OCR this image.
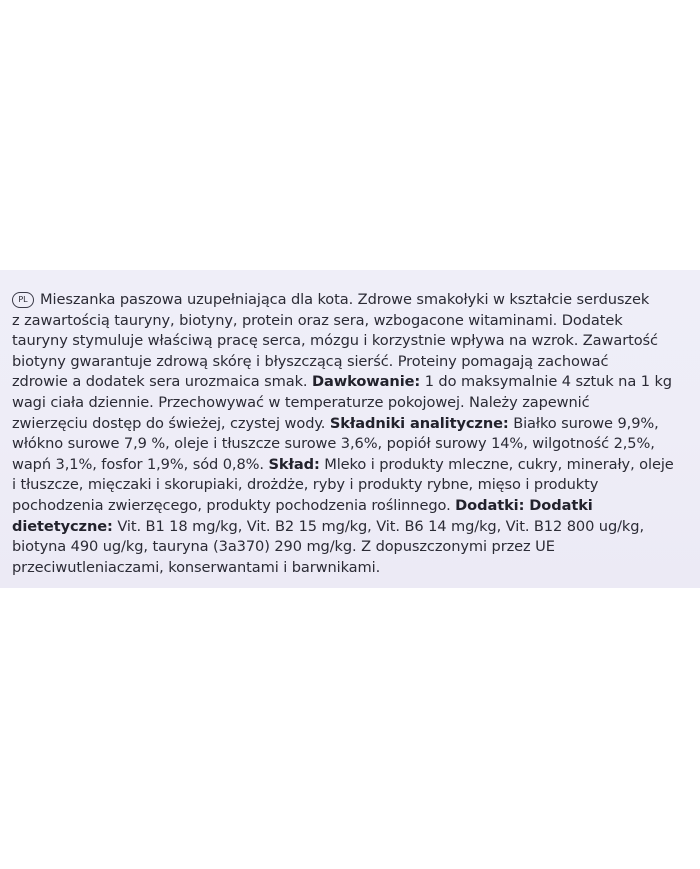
PL Mieszanka paszowa uzupełniająca dla kota. Zdrowe smakołyki w kształcie serduszek
z zawartością tauryny, biotyny, protein oraz sera, wzbogacone witaminami. Dodatek
tauryny stymuluje właściwą pracę serca, mózgu i korzystnie wpływa na wzrok. Zawartość
biotyny gwarantuje zdrową skórę i błyszczącą sierść. Proteiny pomagają zachować
zdrowie a dodatek sera urozmaica smak. Dawkowanie: 1 do maksymalnie 4 sztuk na 1 kg
wagi ciała dziennie. Przechowywać w temperaturze pokojowej. Należy zapewnić
zwierzęciu dostęp do świeżej, czystej wody. Składniki analityczne: Białko surowe 9,9%,
włókno surowe 7,9 %, oleje i tłuszcze surowe 3,6%, popiół surowy 14%, wilgotność 2,5%,
wapń 3,1%, fosfor 1,9%, sód 0,8%. Skład: Mleko i produkty mleczne, cukry, minerały, oleje
i tłuszcze, mięczaki i skorupiaki, drożdże, ryby i produkty rybne, mięso i produkty
pochodzenia zwierzęcego, produkty pochodzenia roślinnego. Dodatki: Dodatki
dietetyczne: Vit. B1 18 mg/kg, Vit. B2 15 mg/kg, Vit. B6 14 mg/kg, Vit. B12 800 ug/kg,
biotyna 490 ug/kg, tauryna (3a370) 290 mg/kg. Z dopuszczonymi przez UE
przeciwutleniaczami, konserwantami i barwnikami.
